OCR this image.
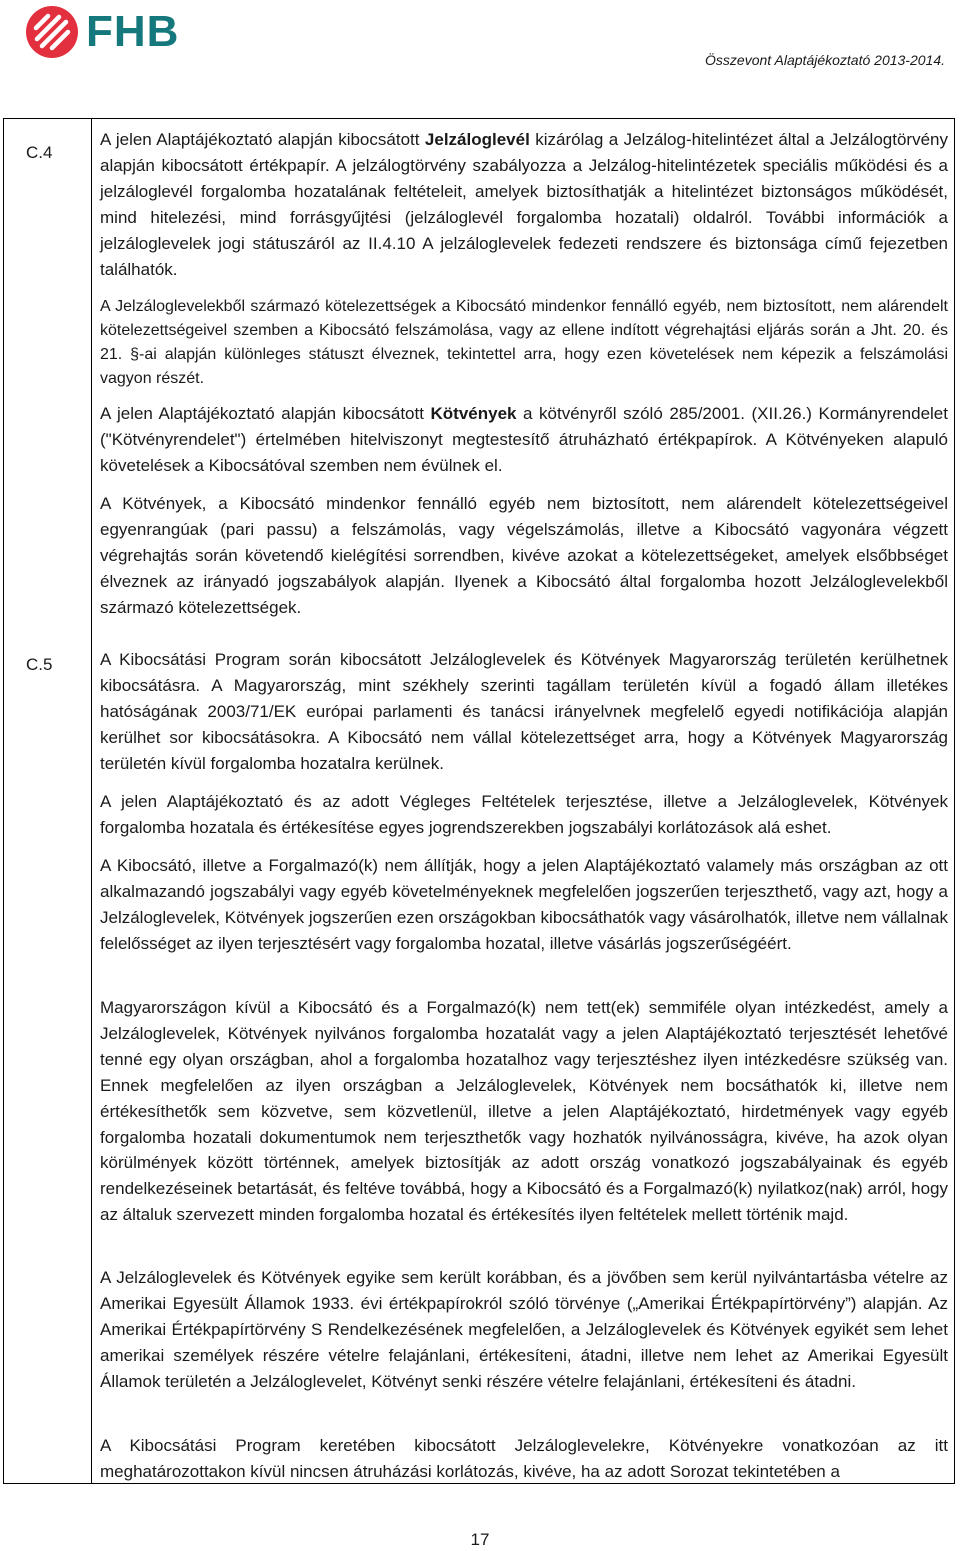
FHB
Összevont Alaptájékoztató 2013-2014.
C.4

A jelen Alaptájékoztató alapján kibocsátott Jelzáloglevél kizárólag a Jelzálog-hitelintézet által a Jelzálogtörvény alapján kibocsátott értékpapír. A jelzálogtörvény szabályozza a Jelzálog-hitelintézetek speciális működési és a jelzáloglevél forgalomba hozatalának feltételeit, amelyek biztosíthatják a hitelintézet biztonságos működését, mind hitelezési, mind forrásgyűjtési (jelzáloglevél forgalomba hozatali) oldalról. További információk a jelzáloglevelek jogi státuszáról az II.4.10 A jelzáloglevelek fedezeti rendszere és biztonsága című fejezetben találhatók.

A Jelzáloglevelekből származó kötelezettségek a Kibocsátó mindenkor fennálló egyéb, nem biztosított, nem alárendelt kötelezettségeivel szemben a Kibocsátó felszámolása, vagy az ellene indított végrehajtási eljárás során a Jht. 20. és 21. §-ai alapján különleges státuszt élveznek, tekintettel arra, hogy ezen követelések nem képezik a felszámolási vagyon részét.

A jelen Alaptájékoztató alapján kibocsátott Kötvények a kötvényről szóló 285/2001. (XII.26.) Kormányrendelet ("Kötvényrendelet") értelmében hitelviszonyt megtestesítő átruházható értékpapírok. A Kötvényeken alapuló követelések a Kibocsátóval szemben nem évülnek el.

A Kötvények, a Kibocsátó mindenkor fennálló egyéb nem biztosított, nem alárendelt kötelezettségeivel egyenrangúak (pari passu) a felszámolás, vagy végelszámolás, illetve a Kibocsátó vagyonára végzett végrehajtás során követendő kielégítési sorrendben, kivéve azokat a kötelezettségeket, amelyek elsőbbséget élveznek az irányadó jogszabályok alapján. Ilyenek a Kibocsátó által forgalomba hozott Jelzáloglevelekből származó kötelezettségek.

C.5	A Kibocsátási Program során kibocsátott Jelzáloglevelek és Kötvények Magyarország területén kerülhetnek kibocsátásra. A Magyarország, mint székhely szerinti tagállam területén kívül a fogadó állam illetékes hatóságának 2003/71/EK európai parlamenti és tanácsi irányelvnek megfelelő egyedi notifikációja alapján kerülhet sor kibocsátásokra. A Kibocsátó nem vállal kötelezettséget arra, hogy a Kötvények Magyarország területén kívül forgalomba hozatalra kerülnek.

A jelen Alaptájékoztató és az adott Végleges Feltételek terjesztése, illetve a Jelzáloglevelek, Kötvények forgalomba hozatala és értékesítése egyes jogrendszerekben jogszabályi korlátozások alá eshet.

A Kibocsátó, illetve a Forgalmazó(k) nem állítják, hogy a jelen Alaptájékoztató valamely más országban az ott alkalmazandó jogszabályi vagy egyéb követelményeknek megfelelően jogszerűen terjeszthető, vagy azt, hogy a Jelzáloglevelek, Kötvények jogszerűen ezen országokban kibocsáthatók vagy vásárolhatók, illetve nem vállalnak felelősséget az ilyen terjesztésért vagy forgalomba hozatal, illetve vásárlás jogszerűségéért.

Magyarországon kívül a Kibocsátó és a Forgalmazó(k) nem tett(ek) semmiféle olyan intézkedést, amely a Jelzáloglevelek, Kötvények nyilvános forgalomba hozatalát vagy a jelen Alaptájékoztató terjesztését lehetővé tenné egy olyan országban, ahol a forgalomba hozatalhoz vagy terjesztéshez ilyen intézkedésre szükség van. Ennek megfelelően az ilyen országban a Jelzáloglevelek, Kötvények nem bocsáthatók ki, illetve nem értékesíthetők sem közvetve, sem közvetlenül, illetve a jelen Alaptájékoztató, hirdetmények vagy egyéb forgalomba hozatali dokumentumok nem terjeszthetők vagy hozhatók nyilvánosságra, kivéve, ha azok olyan körülmények között történnek, amelyek biztosítják az adott ország vonatkozó jogszabályainak és egyéb rendelkezéseinek betartását, és feltéve továbbá, hogy a Kibocsátó és a Forgalmazó(k) nyilatkoz(nak) arról, hogy az általuk szervezett minden forgalomba hozatal és értékesítés ilyen feltételek mellett történik majd.

A Jelzáloglevelek és Kötvények egyike sem került korábban, és a jövőben sem kerül nyilvántartásba vételre az Amerikai Egyesült Államok 1933. évi értékpapírokról szóló törvénye („Amerikai Értékpapírtörvény”) alapján. Az Amerikai Értékpapírtörvény S Rendelkezésének megfelelően, a Jelzáloglevelek és Kötvények egyikét sem lehet amerikai személyek részére vételre felajánlani, értékesíteni, átadni, illetve nem lehet az Amerikai Egyesült Államok területén a Jelzáloglevelet, Kötvényt senki részére vételre felajánlani, értékesíteni és átadni.

A Kibocsátási Program keretében kibocsátott Jelzáloglevelekre, Kötvényekre vonatkozóan az itt meghatározottakon kívül nincsen átruházási korlátozás, kivéve, ha az adott Sorozat tekintetében a

17
